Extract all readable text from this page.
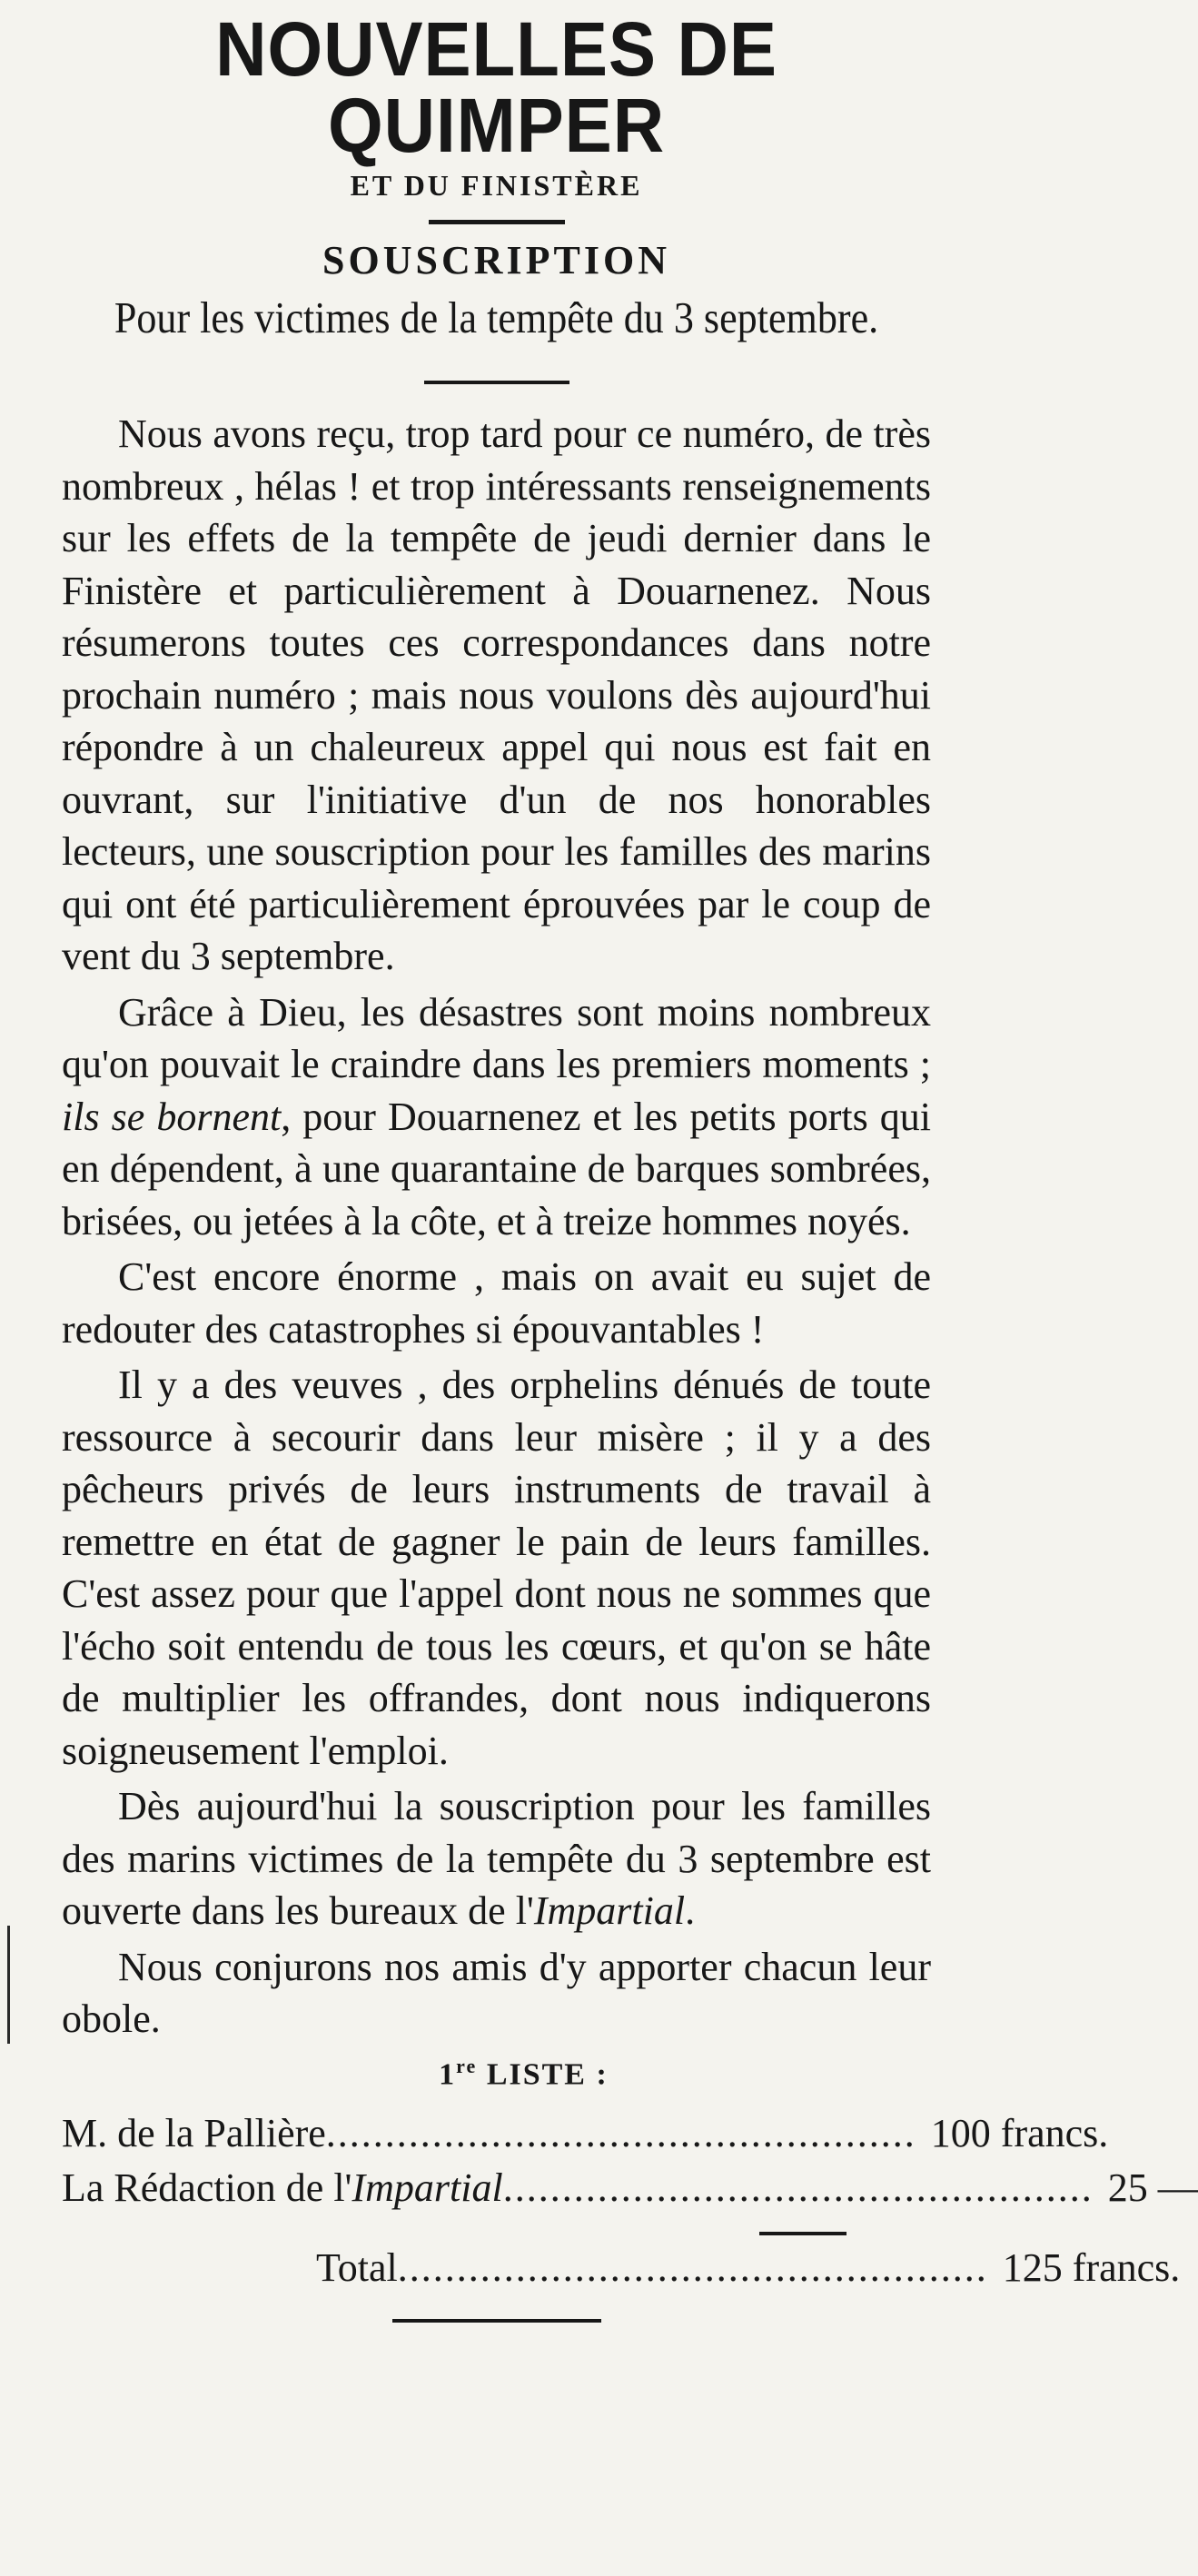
NOUVELLES DE QUIMPER
ET DU FINISTÈRE
SOUSCRIPTION
Pour les victimes de la tempête du 3 septembre.

Nous avons reçu, trop tard pour ce numéro, de très nombreux , hélas ! et trop intéressants renseignements sur les effets de la tempête de jeudi dernier dans le Finistère et particulièrement à Douarnenez. Nous résumerons toutes ces correspondances dans notre prochain numéro ; mais nous voulons dès aujourd'hui répondre à un chaleureux appel qui nous est fait en ouvrant, sur l'initiative d'un de nos honorables lecteurs, une souscription pour les familles des marins qui ont été particulièrement éprouvées par le coup de vent du 3 septembre.

Grâce à Dieu, les désastres sont moins nombreux qu'on pouvait le craindre dans les premiers moments ; ils se bornent, pour Douarnenez et les petits ports qui en dépendent, à une quarantaine de barques sombrées, brisées, ou jetées à la côte, et à treize hommes noyés.

C'est encore énorme , mais on avait eu sujet de redouter des catastrophes si épouvantables !

Il y a des veuves , des orphelins dénués de toute ressource à secourir dans leur misère ; il y a des pêcheurs privés de leurs instruments de travail à remettre en état de gagner le pain de leurs familles. C'est assez pour que l'appel dont nous ne sommes que l'écho soit entendu de tous les cœurs, et qu'on se hâte de multiplier les offrandes, dont nous indiquerons soigneusement l'emploi.

Dès aujourd'hui la souscription pour les familles des marins victimes de la tempête du 3 septembre est ouverte dans les bureaux de l'Impartial.

Nous conjurons nos amis d'y apporter chacun leur obole.

1re LISTE :
M. de la Pallière .................................................. 100 francs.
La Rédaction de l'Impartial .................................................. 25 —
Total .................................................. 125 francs.
